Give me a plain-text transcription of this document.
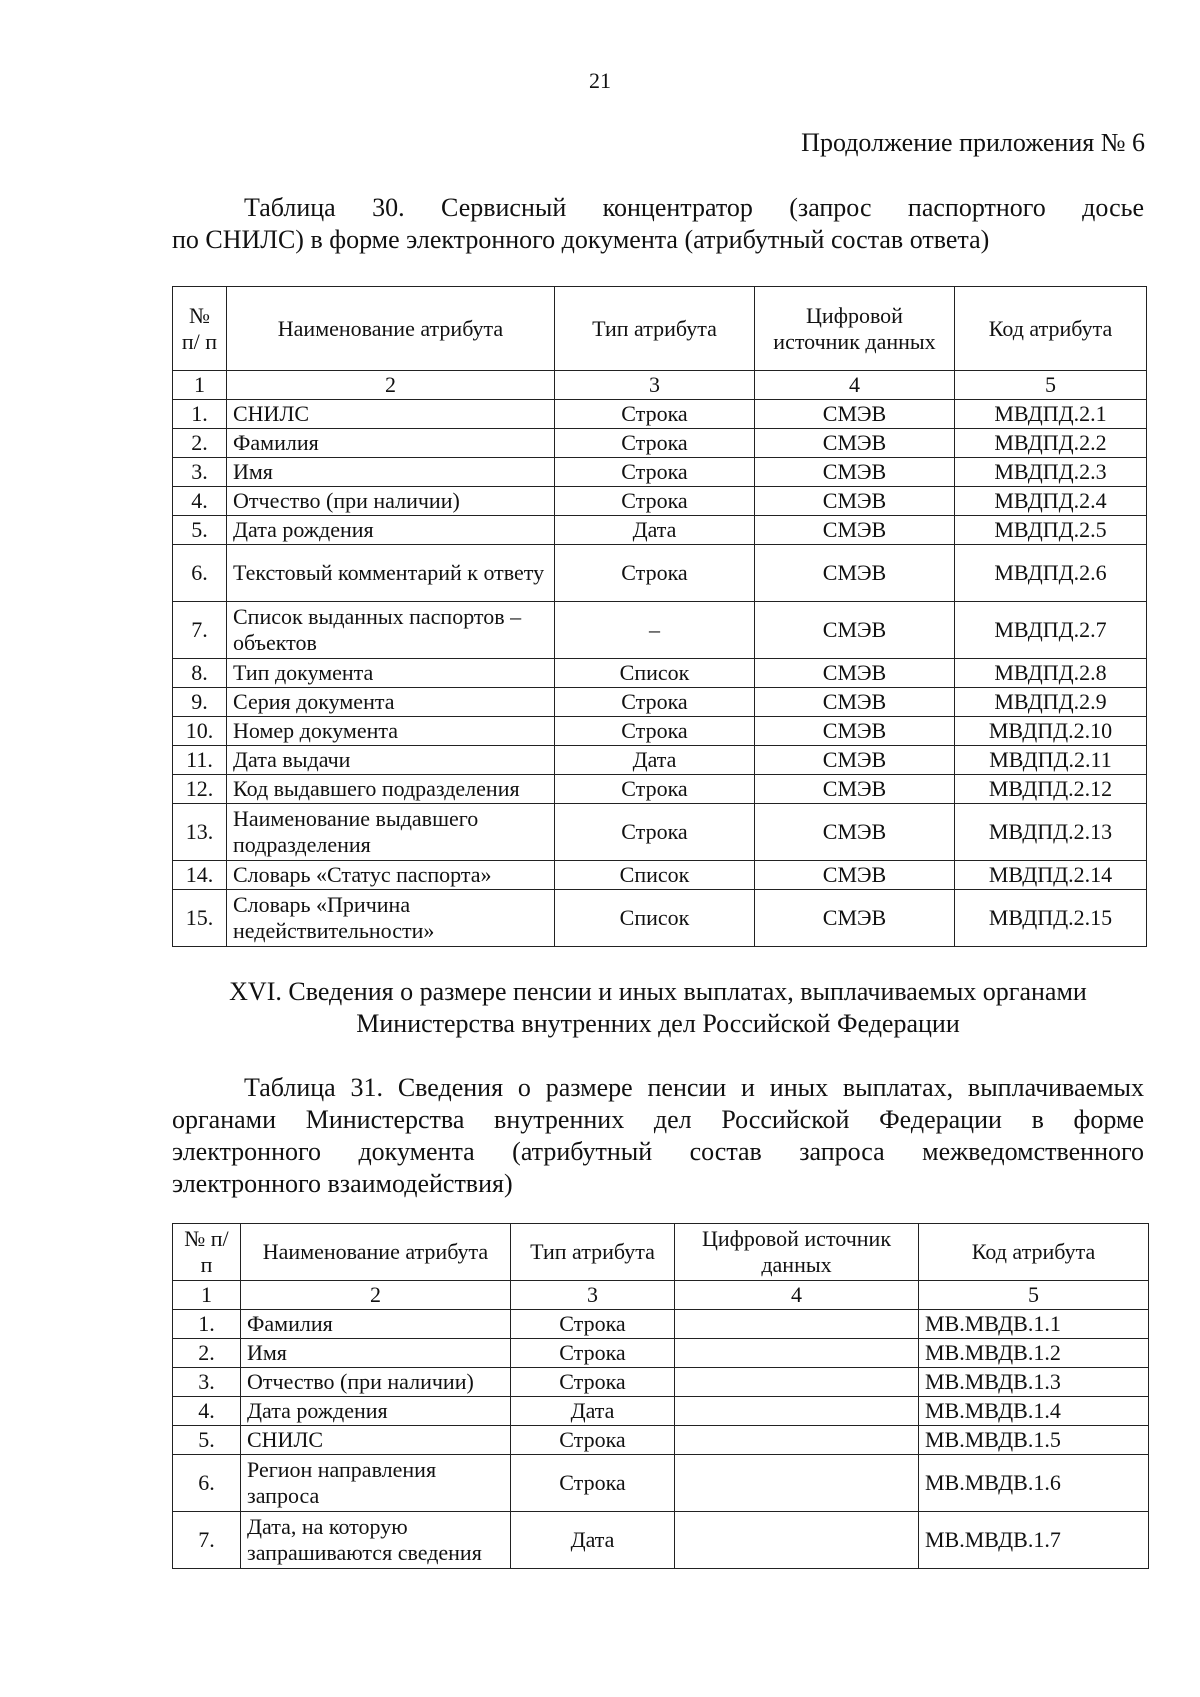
21
Продолжение приложения № 6
Таблица 30. Сервисный концентратор (запрос паспортного досье
по СНИЛС) в форме электронного документа (атрибутный состав ответа)
№ п/ п	Наименование атрибута	Тип атрибута	Цифровой источник данных	Код атрибута
1	2	3	4	5
1.	СНИЛС	Строка	СМЭВ	МВДПД.2.1
2.	Фамилия	Строка	СМЭВ	МВДПД.2.2
3.	Имя	Строка	СМЭВ	МВДПД.2.3
4.	Отчество (при наличии)	Строка	СМЭВ	МВДПД.2.4
5.	Дата рождения	Дата	СМЭВ	МВДПД.2.5
6.	Текстовый комментарий к ответу	Строка	СМЭВ	МВДПД.2.6
7.	Список выданных паспортов – объектов	–	СМЭВ	МВДПД.2.7
8.	Тип документа	Список	СМЭВ	МВДПД.2.8
9.	Серия документа	Строка	СМЭВ	МВДПД.2.9
10.	Номер документа	Строка	СМЭВ	МВДПД.2.10
11.	Дата выдачи	Дата	СМЭВ	МВДПД.2.11
12.	Код выдавшего подразделения	Строка	СМЭВ	МВДПД.2.12
13.	Наименование выдавшего подразделения	Строка	СМЭВ	МВДПД.2.13
14.	Словарь «Статус паспорта»	Список	СМЭВ	МВДПД.2.14
15.	Словарь «Причина недействительности»	Список	СМЭВ	МВДПД.2.15
XVI. Сведения о размере пенсии и иных выплатах, выплачиваемых органами
Министерства внутренних дел Российской Федерации
Таблица 31. Сведения о размере пенсии и иных выплатах, выплачиваемых
органами Министерства внутренних дел Российской Федерации в форме
электронного документа (атрибутный состав запроса межведомственного
электронного взаимодействия)
№ п/п	Наименование атрибута	Тип атрибута	Цифровой источник данных	Код атрибута
1	2	3	4	5
1.	Фамилия	Строка		МВ.МВДВ.1.1
2.	Имя	Строка		МВ.МВДВ.1.2
3.	Отчество (при наличии)	Строка		МВ.МВДВ.1.3
4.	Дата рождения	Дата		МВ.МВДВ.1.4
5.	СНИЛС	Строка		МВ.МВДВ.1.5
6.	Регион направления запроса	Строка		МВ.МВДВ.1.6
7.	Дата, на которую запрашиваются сведения	Дата		МВ.МВДВ.1.7
